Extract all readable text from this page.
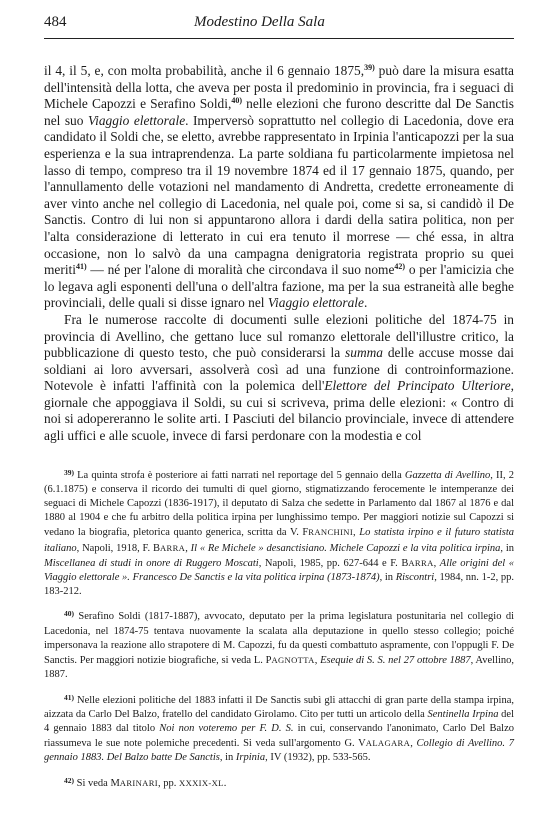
484	Modestino Della Sala

il 4, il 5, e, con molta probabilità, anche il 6 gennaio 1875,$^{39)}$ può dare la misura esatta dell'intensità della lotta, che aveva per posta il predominio in provincia, fra i seguaci di Michele Capozzi e Serafino Soldi,$^{40)}$ nelle elezioni che furono descritte dal De Sanctis nel suo Viaggio elettorale. Imperversò soprattutto nel collegio di Lacedonia, dove era candidato il Soldi che, se eletto, avrebbe rappresentato in Irpinia l'anticapozzi per la sua esperienza e la sua intraprendenza. La parte soldiana fu particolarmente impietosa nel lasso di tempo, compreso tra il 19 novembre 1874 ed il 17 gennaio 1875, quando, per l'annullamento delle votazioni nel mandamento di Andretta, credette erroneamente di aver vinto anche nel collegio di Lacedonia, nel quale poi, come si sa, si candidò il De Sanctis. Contro di lui non si appuntarono allora i dardi della satira politica, non per l'alta considerazione di letterato in cui era tenuto il morrese — ché essa, in altra occasione, non lo salvò da una campagna denigratoria registrata proprio su quei meriti$^{41)}$ — né per l'alone di moralità che circondava il suo nome$^{42)}$ o per l'amicizia che lo legava agli esponenti dell'una o dell'altra fazione, ma per la sua estraneità alle beghe provinciali, delle quali si disse ignaro nel Viaggio elettorale.

Fra le numerose raccolte di documenti sulle elezioni politiche del 1874-75 in provincia di Avellino, che gettano luce sul romanzo elettorale dell'illustre critico, la pubblicazione di questo testo, che può considerarsi la summa delle accuse mosse dai soldiani ai loro avversari, assolverà così ad una funzione di controinformazione. Notevole è infatti l'affinità con la polemica dell'Elettore del Principato Ulteriore, giornale che appoggiava il Soldi, su cui si scriveva, prima delle elezioni: « Contro di noi si adopereranno le solite arti. I Pasciuti del bilancio provinciale, invece di attendere agli uffici e alle scuole, invece di farsi perdonare con la modestia e col

$^{39)}$ La quinta strofa è posteriore ai fatti narrati nel reportage del 5 gennaio della Gazzetta di Avellino, II, 2 (6.1.1875) e conserva il ricordo dei tumulti di quel giorno, stigmatizzando ferocemente le intemperanze dei seguaci di Michele Capozzi (1836-1917), il deputato di Salza che sedette in Parlamento dal 1867 al 1876 e dal 1880 al 1904 e che fu arbitro della politica irpina per lunghissimo tempo. Per maggiori notizie sul Capozzi si vedano la biografia, pletorica quanto generica, scritta da V. FRANCHINI, Lo statista irpino e il futuro statista italiano, Napoli, 1918, F. BARRA, Il « Re Michele » desanctisiano. Michele Capozzi e la vita politica irpina, in Miscellanea di studi in onore di Ruggero Moscati, Napoli, 1985, pp. 627-644 e F. BARRA, Alle origini del « Viaggio elettorale ». Francesco De Sanctis e la vita politica irpina (1873-1874), in Riscontri, 1984, nn. 1-2, pp. 183-212.

$^{40)}$ Serafino Soldi (1817-1887), avvocato, deputato per la prima legislatura postunitaria nel collegio di Lacedonia, nel 1874-75 tentava nuovamente la scalata alla deputazione in quello stesso collegio; poiché impersonava la reazione allo strapotere di M. Capozzi, fu da questi combattuto aspramente, con l'oppugli F. De Sanctis. Per maggiori notizie biografiche, si veda L. PAGNOTTA, Esequie di S. S. nel 27 ottobre 1887, Avellino, 1887.

$^{41)}$ Nelle elezioni politiche del 1883 infatti il De Sanctis subì gli attacchi di gran parte della stampa irpina, aizzata da Carlo Del Balzo, fratello del candidato Girolamo. Cito per tutti un articolo della Sentinella Irpina del 4 gennaio 1883 dal titolo Noi non voteremo per F. D. S. in cui, conservando l'anonimato, Carlo Del Balzo riassumeva le sue note polemiche precedenti. Si veda sull'argomento G. VALAGARA, Collegio di Avellino. 7 gennaio 1883. Del Balzo batte De Sanctis, in Irpinia, IV (1932), pp. 533-565.

$^{42)}$ Si veda MARINARI, pp. XXXIX-XL.
